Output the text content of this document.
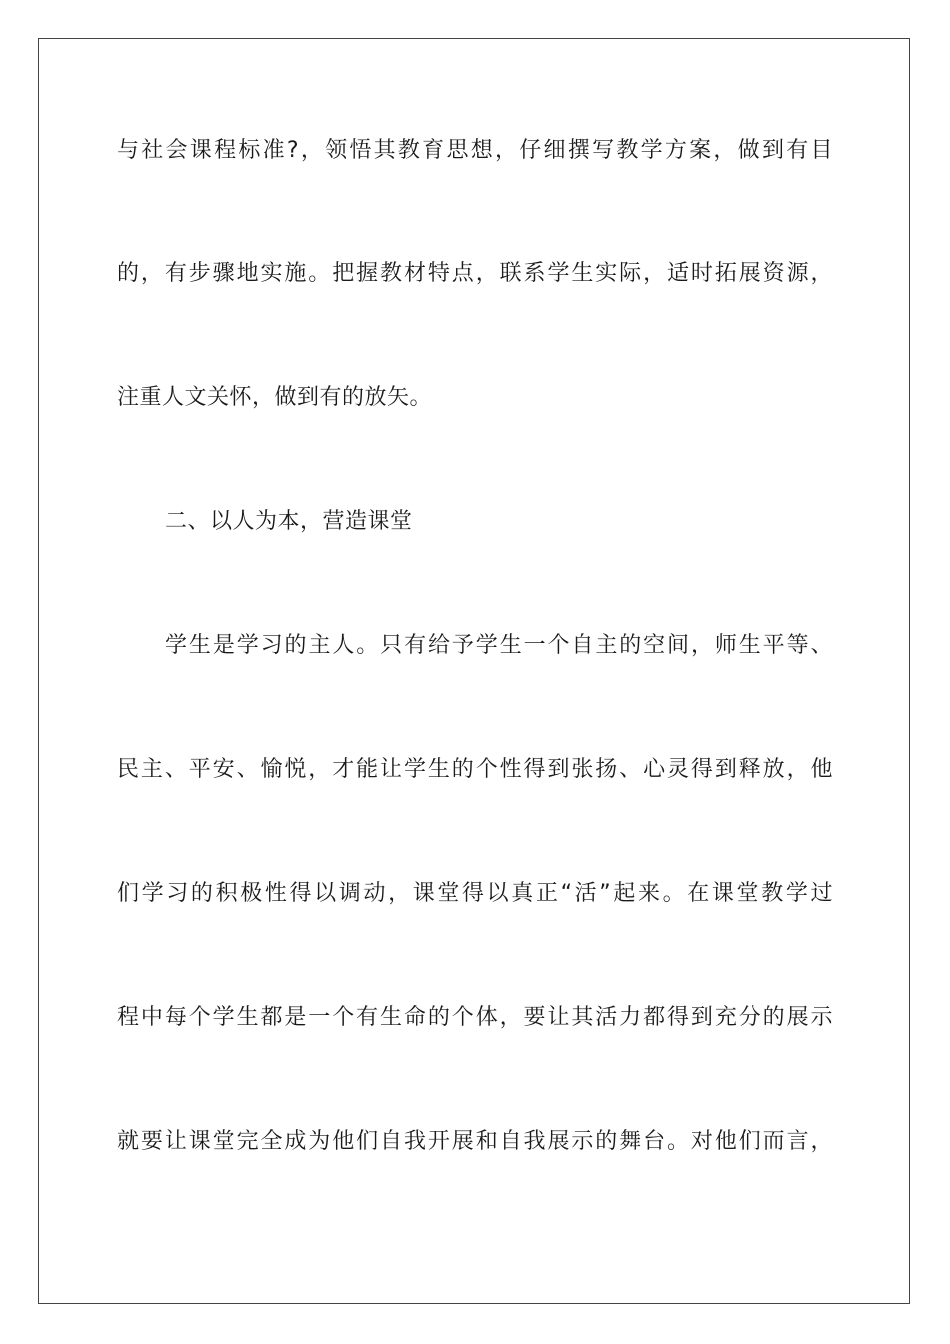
与社会课程标准?，领悟其教育思想，仔细撰写教学方案，做到有目
的，有步骤地实施。把握教材特点，联系学生实际，适时拓展资源，
注重人文关怀，做到有的放矢。
二、以人为本，营造课堂
学生是学习的主人。只有给予学生一个自主的空间，师生平等、
民主、平安、愉悦，才能让学生的个性得到张扬、心灵得到释放，他
们学习的积极性得以调动，课堂得以真正“活”起来。在课堂教学过
程中每个学生都是一个有生命的个体，要让其活力都得到充分的展示
就要让课堂完全成为他们自我开展和自我展示的舞台。对他们而言，
